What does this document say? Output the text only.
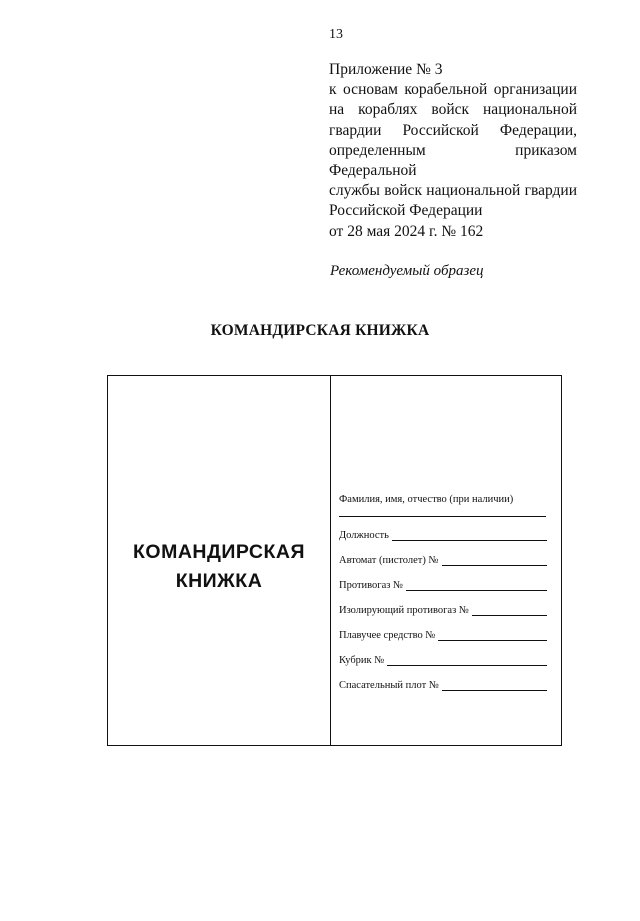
13
Приложение № 3
к основам корабельной организации
на кораблях войск национальной
гвардии Российской Федерации,
определенным приказом Федеральной
службы войск национальной гвардии
Российской Федерации
от 28 мая 2024 г. № 162
Рекомендуемый образец
КОМАНДИРСКАЯ КНИЖКА
КОМАНДИРСКАЯ
КНИЖКА
Фамилия, имя, отчество (при наличии)
Должность
Автомат (пистолет) №
Противогаз №
Изолирующий противогаз №
Плавучее средство №
Кубрик №
Спасательный плот №
